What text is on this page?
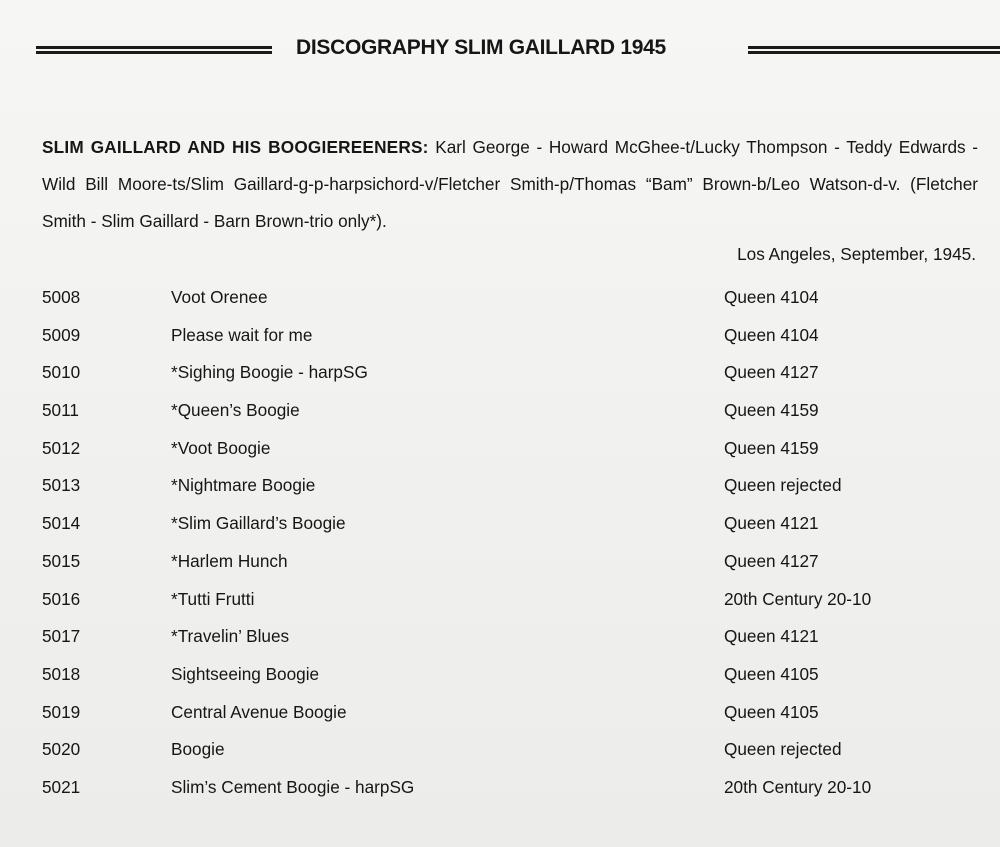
DISCOGRAPHY SLIM GAILLARD 1945
SLIM GAILLARD AND HIS BOOGIEREENERS: Karl George - Howard McGhee-t/Lucky Thompson - Teddy Edwards - Wild Bill Moore-ts/Slim Gaillard-g-p-harpsichord-v/Fletcher Smith-p/Thomas “Bam” Brown-b/Leo Watson-d-v. (Fletcher Smith - Slim Gaillard - Barn Brown-trio only*).
Los Angeles, September, 1945.
5008	Voot Orenee	Queen 4104
5009	Please wait for me	Queen 4104
5010	*Sighing Boogie - harpSG	Queen 4127
5011	*Queen’s Boogie	Queen 4159
5012	*Voot Boogie	Queen 4159
5013	*Nightmare Boogie	Queen rejected
5014	*Slim Gaillard’s Boogie	Queen 4121
5015	*Harlem Hunch	Queen 4127
5016	*Tutti Frutti	20th Century 20-10
5017	*Travelin’ Blues	Queen 4121
5018	Sightseeing Boogie	Queen 4105
5019	Central Avenue Boogie	Queen 4105
5020	Boogie	Queen rejected
5021	Slim’s Cement Boogie - harpSG	20th Century 20-10
